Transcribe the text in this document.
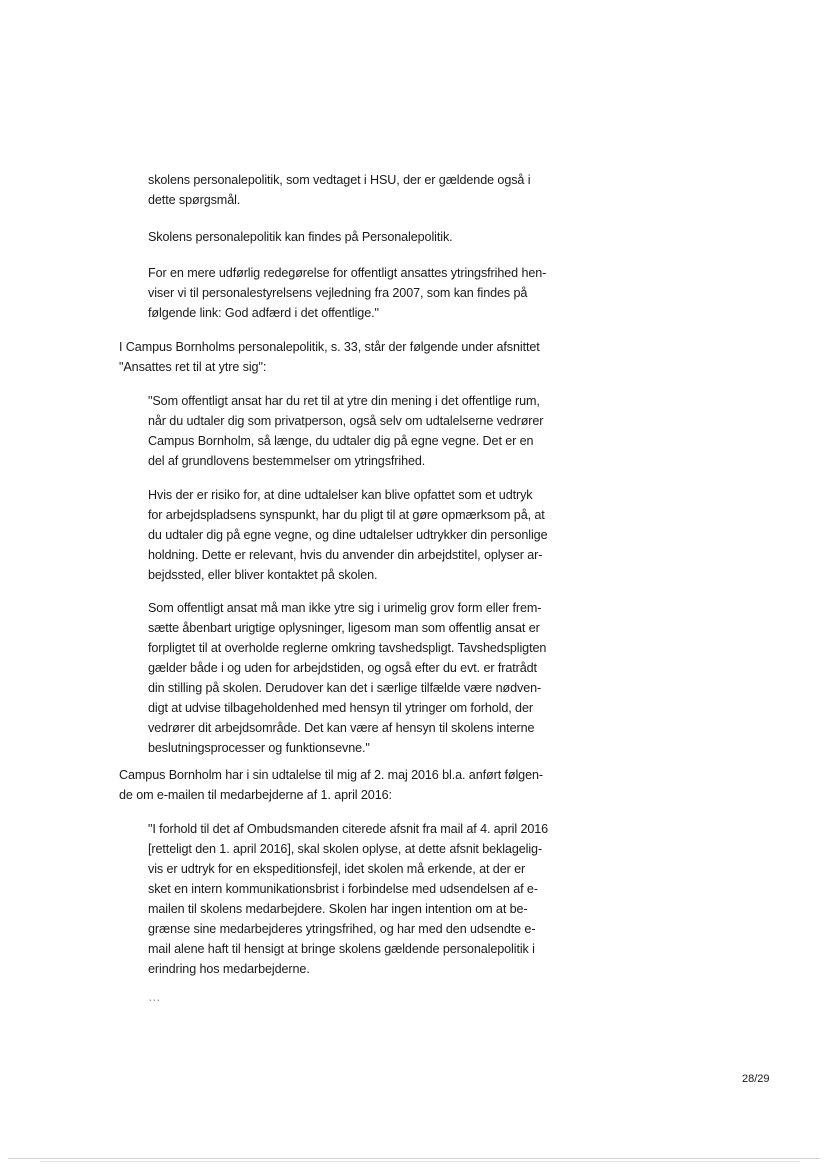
skolens personalepolitik, som vedtaget i HSU, der er gældende også i
dette spørgsmål.
Skolens personalepolitik kan findes på Personalepolitik.
For en mere udførlig redegørelse for offentligt ansattes ytringsfrihed hen-
viser vi til personalestyrelsens vejledning fra 2007, som kan findes på
følgende link: God adfærd i det offentlige."
I Campus Bornholms personalepolitik, s. 33, står der følgende under afsnittet
"Ansattes ret til at ytre sig":
"Som offentligt ansat har du ret til at ytre din mening i det offentlige rum,
når du udtaler dig som privatperson, også selv om udtalelserne vedrører
Campus Bornholm, så længe, du udtaler dig på egne vegne. Det er en
del af grundlovens bestemmelser om ytringsfrihed.
Hvis der er risiko for, at dine udtalelser kan blive opfattet som et udtryk
for arbejdspladsens synspunkt, har du pligt til at gøre opmærksom på, at
du udtaler dig på egne vegne, og dine udtalelser udtrykker din personlige
holdning. Dette er relevant, hvis du anvender din arbejdstitel, oplyser ar-
bejdssted, eller bliver kontaktet på skolen.
Som offentligt ansat må man ikke ytre sig i urimelig grov form eller frem-
sætte åbenbart urigtige oplysninger, ligesom man som offentlig ansat er
forpligtet til at overholde reglerne omkring tavshedspligt. Tavshedspligten
gælder både i og uden for arbejdstiden, og også efter du evt. er fratrådt
din stilling på skolen. Derudover kan det i særlige tilfælde være nødven-
digt at udvise tilbageholdenhed med hensyn til ytringer om forhold, der
vedrører dit arbejdsområde. Det kan være af hensyn til skolens interne
beslutningsprocesser og funktionsevne."
Campus Bornholm har i sin udtalelse til mig af 2. maj 2016 bl.a. anført følgen-
de om e-mailen til medarbejderne af 1. april 2016:
"I forhold til det af Ombudsmanden citerede afsnit fra mail af 4. april 2016
[retteligt den 1. april 2016], skal skolen oplyse, at dette afsnit beklagelig-
vis er udtryk for en ekspeditionsfejl, idet skolen må erkende, at der er
sket en intern kommunikationsbrist i forbindelse med udsendelsen af e-
mailen til skolens medarbejdere. Skolen har ingen intention om at be-
grænse sine medarbejderes ytringsfrihed, og har med den udsendte e-
mail alene haft til hensigt at bringe skolens gældende personalepolitik i
erindring hos medarbejderne.
…
28/29
